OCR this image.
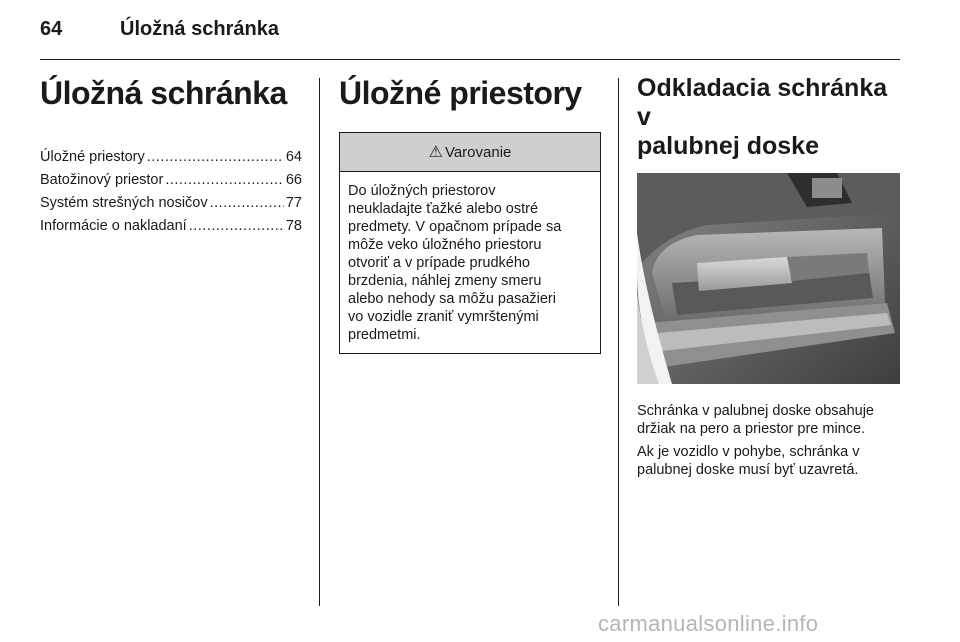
64	Úložná schránka
Úložná schránka
Úložné priestory .....	64
Batožinový priestor .....	66
Systém strešných nosičov .....	77
Informácie o nakladaní .....	78
Úložné priestory
⚠ Varovanie
Do úložných priestorov
neukladajte ťažké alebo ostré
predmety. V opačnom prípade sa
môže veko úložného priestoru
otvoriť a v prípade prudkého
brzdenia, náhlej zmeny smeru
alebo nehody sa môžu pasažieri
vo vozidle zraniť vymrštenými
predmetmi.
Odkladacia schránka v
palubnej doske

Schránka v palubnej doske obsahuje
držiak na pero a priestor pre mince.

Ak je vozidlo v pohybe, schránka v
palubnej doske musí byť uzavretá.

carmanualsonline.info
